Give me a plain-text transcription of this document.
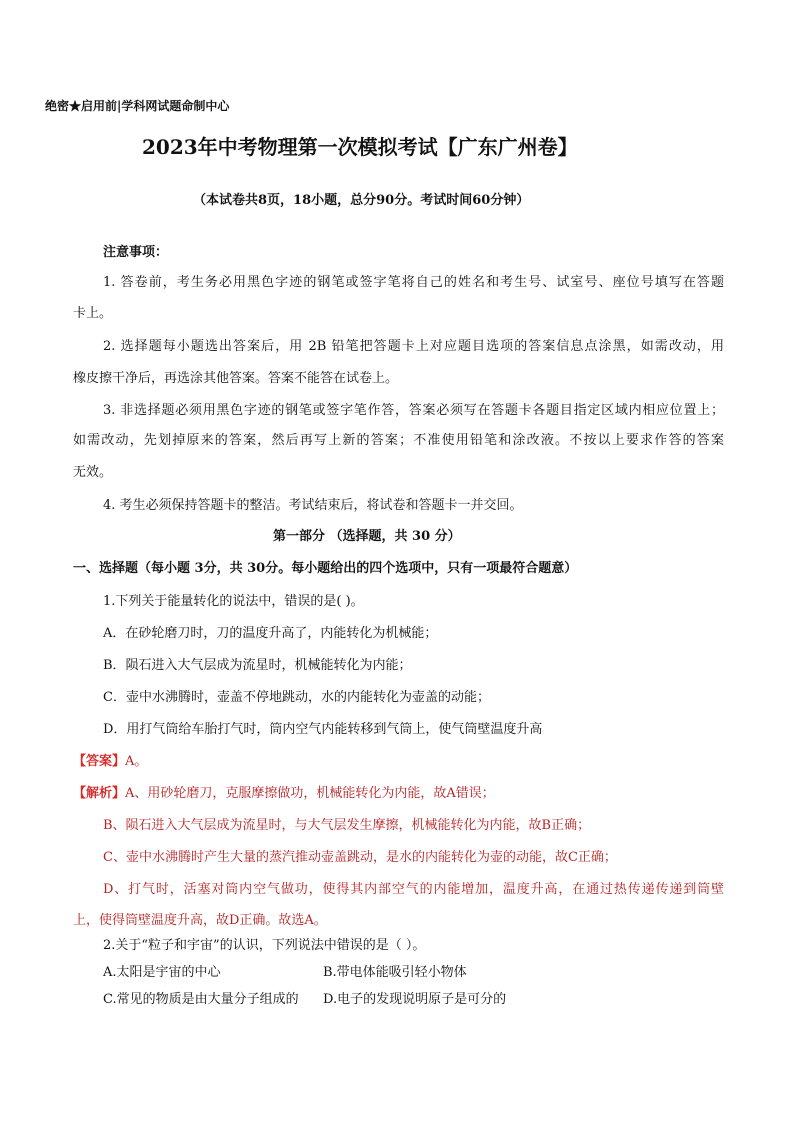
绝密★启用前|学科网试题命制中心
2023年中考物理第一次模拟考试【广东广州卷】
（本试卷共8页，18小题，总分90分。考试时间60分钟）
注意事项：
1. 答卷前，考生务必用黑色字迹的钢笔或签字笔将自己的姓名和考生号、试室号、座位号填写在答题
卡上。
2. 选择题每小题选出答案后，用 2B 铅笔把答题卡上对应题目选项的答案信息点涂黑，如需改动，用
橡皮擦干净后，再选涂其他答案。答案不能答在试卷上。
3. 非选择题必须用黑色字迹的钢笔或签字笔作答，答案必须写在答题卡各题目指定区域内相应位置上；
如需改动，先划掉原来的答案，然后再写上新的答案；不准使用铅笔和涂改液。不按以上要求作答的答案
无效。
4. 考生必须保持答题卡的整洁。考试结束后，将试卷和答题卡一并交回。
第一部分 （选择题，共 30 分）
一、选择题（每小题 3分，共 30分。每小题给出的四个选项中，只有一项最符合题意）
1.下列关于能量转化的说法中，错误的是( )。
A．在砂轮磨刀时，刀的温度升高了，内能转化为机械能；
B．陨石进入大气层成为流星时，机械能转化为内能；
C．壶中水沸腾时，壶盖不停地跳动，水的内能转化为壶盖的动能；
D．用打气筒给车胎打气时，筒内空气内能转移到气筒上，使气筒壁温度升高
【答案】A。
【解析】A、用砂轮磨刀，克服摩擦做功，机械能转化为内能，故A错误；
B、陨石进入大气层成为流星时，与大气层发生摩擦，机械能转化为内能，故B正确；
C、壶中水沸腾时产生大量的蒸汽推动壶盖跳动，是水的内能转化为壶的动能，故C正确；
D、打气时，活塞对筒内空气做功，使得其内部空气的内能增加，温度升高，在通过热传递传递到筒壁
上，使得筒壁温度升高，故D正确。故选A。
2.关于“粒子和宇宙”的认识，下列说法中错误的是（ ）。
A.太阳是宇宙的中心	B.带电体能吸引轻小物体
C.常见的物质是由大量分子组成的 D.电子的发现说明原子是可分的
